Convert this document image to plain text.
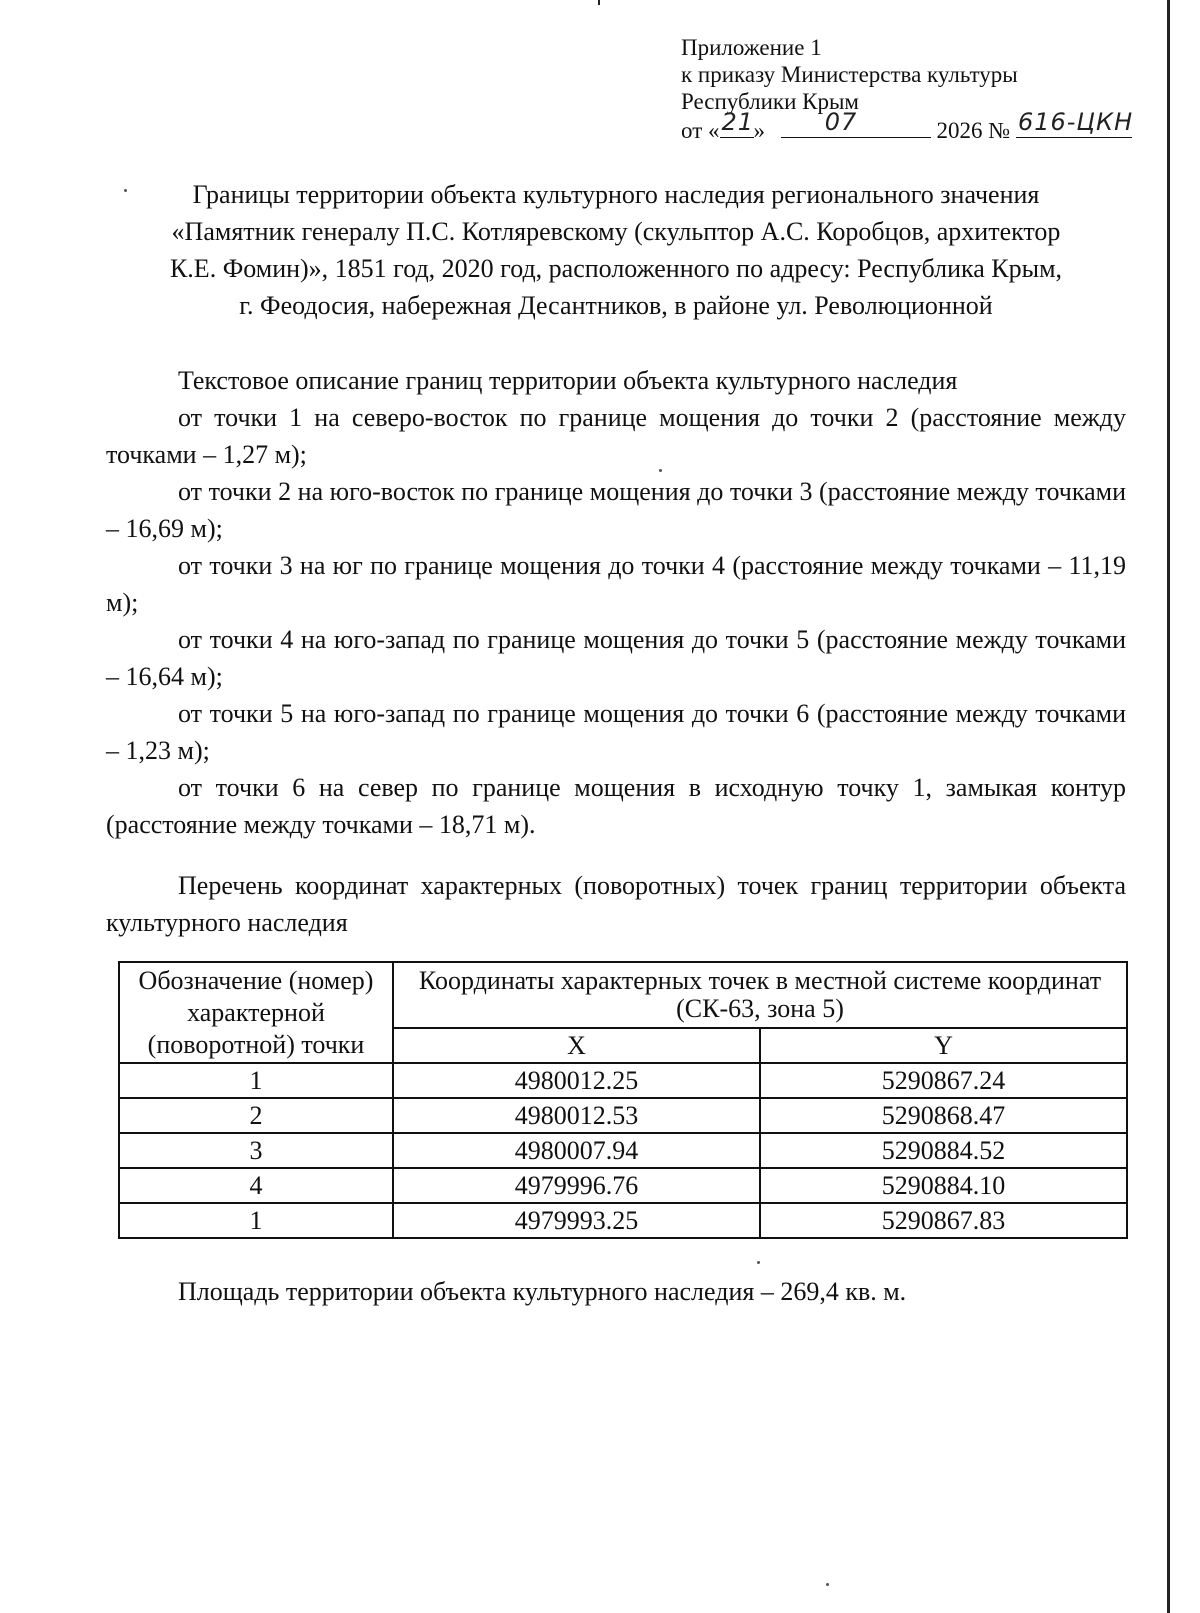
Приложение 1
к приказу Министерства культуры
Республики Крым
от « 21 » 07	2026 № 616-ЦКН
Границы территории объекта культурного наследия регионального значения
«Памятник генералу П.С. Котляревскому (скульптор А.С. Коробцов, архитектор
К.Е. Фомин)», 1851 год, 2020 год, расположенного по адресу: Республика Крым,
г. Феодосия, набережная Десантников, в районе ул. Революционной

Текстовое описание границ территории объекта культурного наследия

от точки 1 на северо-восток по границе мощения до точки 2 (расстояние между точками – 1,27 м);

от точки 2 на юго-восток по границе мощения до точки 3 (расстояние между точками – 16,69 м);

от точки 3 на юг по границе мощения до точки 4 (расстояние между точками – 11,19 м);

от точки 4 на юго-запад по границе мощения до точки 5 (расстояние между точками – 16,64 м);

от точки 5 на юго-запад по границе мощения до точки 6 (расстояние между точками – 1,23 м);

от точки 6 на север по границе мощения в исходную точку 1, замыкая контур (расстояние между точками – 18,71 м).

Перечень координат характерных (поворотных) точек границ территории объекта культурного наследия

Обозначение (номер) характерной (поворотной) точки	Координаты характерных точек в местной системе координат (СК-63, зона 5)	
	X	Y
1	4980012.25	5290867.24
2	4980012.53	5290868.47
3	4980007.94	5290884.52
4	4979996.76	5290884.10
1	4979993.25	5290867.83
Площадь территории объекта культурного наследия – 269,4 кв. м.
